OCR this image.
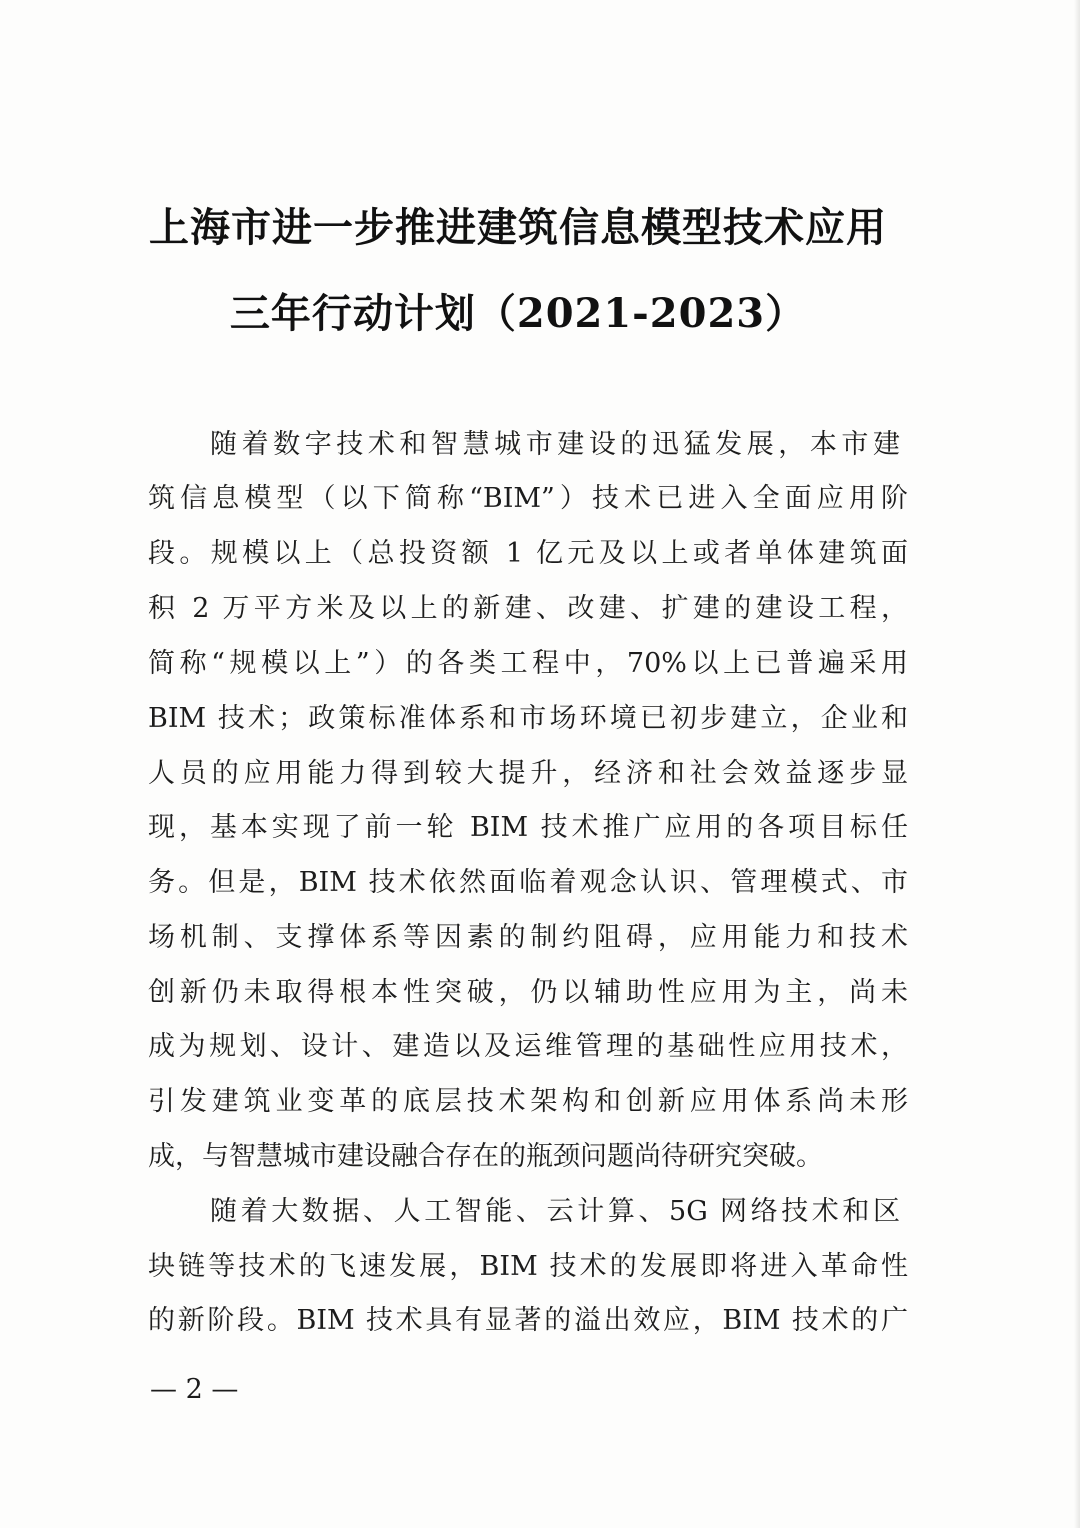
上海市进一步推进建筑信息模型技术应用
三年行动计划（2021-2023）
随着数字技术和智慧城市建设的迅猛发展，本市建
筑信息模型（以下简称“BIM”）技术已进入全面应用阶
段。规模以上（总投资额 1 亿元及以上或者单体建筑面
积 2 万平方米及以上的新建、改建、扩建的建设工程，
简称“规模以上”）的各类工程中，70%以上已普遍采用
BIM 技术；政策标准体系和市场环境已初步建立，企业和
人员的应用能力得到较大提升，经济和社会效益逐步显
现，基本实现了前一轮 BIM 技术推广应用的各项目标任
务。但是，BIM 技术依然面临着观念认识、管理模式、市
场机制、支撑体系等因素的制约阻碍，应用能力和技术
创新仍未取得根本性突破，仍以辅助性应用为主，尚未
成为规划、设计、建造以及运维管理的基础性应用技术，
引发建筑业变革的底层技术架构和创新应用体系尚未形
成，与智慧城市建设融合存在的瓶颈问题尚待研究突破。
随着大数据、人工智能、云计算、5G 网络技术和区
块链等技术的飞速发展，BIM 技术的发展即将进入革命性
的新阶段。BIM 技术具有显著的溢出效应，BIM 技术的广
— 2 —
